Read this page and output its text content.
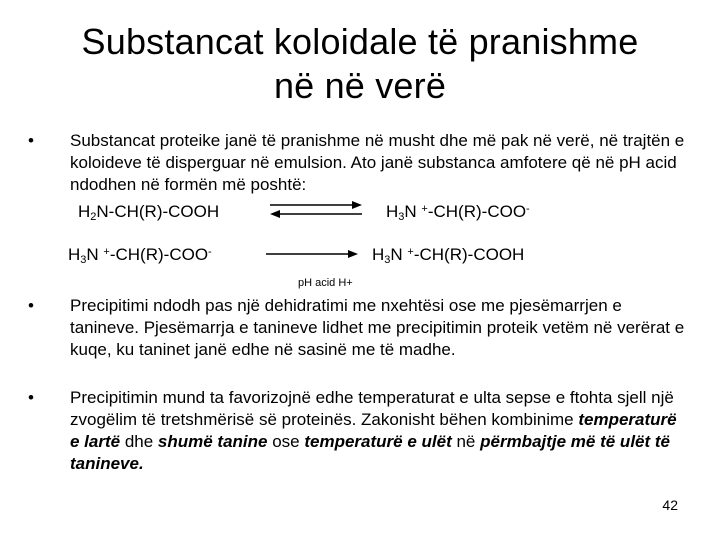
Substancat koloidale të pranishme
në në verë
• Substancat proteike janë të pranishme në musht dhe më pak në verë, në trajtën e koloideve të disperguar në emulsion. Ato janë substanca amfotere që në pH acid ndodhen në formën më poshtë:
$H_2N-CH(R)$-COOH	$H_3N$ +-CH(R)-COO-
$H_3N$ +-CH(R)-COO-	$H_3N$ +-CH(R)-COOH
pH acid H+
• Precipitimi ndodh pas një dehidratimi me nxehtësi ose me pjesëmarrjen e tanineve. Pjesëmarrja e tanineve lidhet me precipitimin proteik vetëm në verërat e kuqe, ku taninet janë edhe në sasinë me të madhe.
• Precipitimin mund ta favorizojnë edhe temperaturat e ulta sepse e ftohta sjell një zvogëlim të tretshmërisë së proteinës. Zakonisht bëhen kombinime temperaturë e lartë dhe shumë tanine ose temperaturë e ulët në përmbajtje më të ulët të tanineve.
42
